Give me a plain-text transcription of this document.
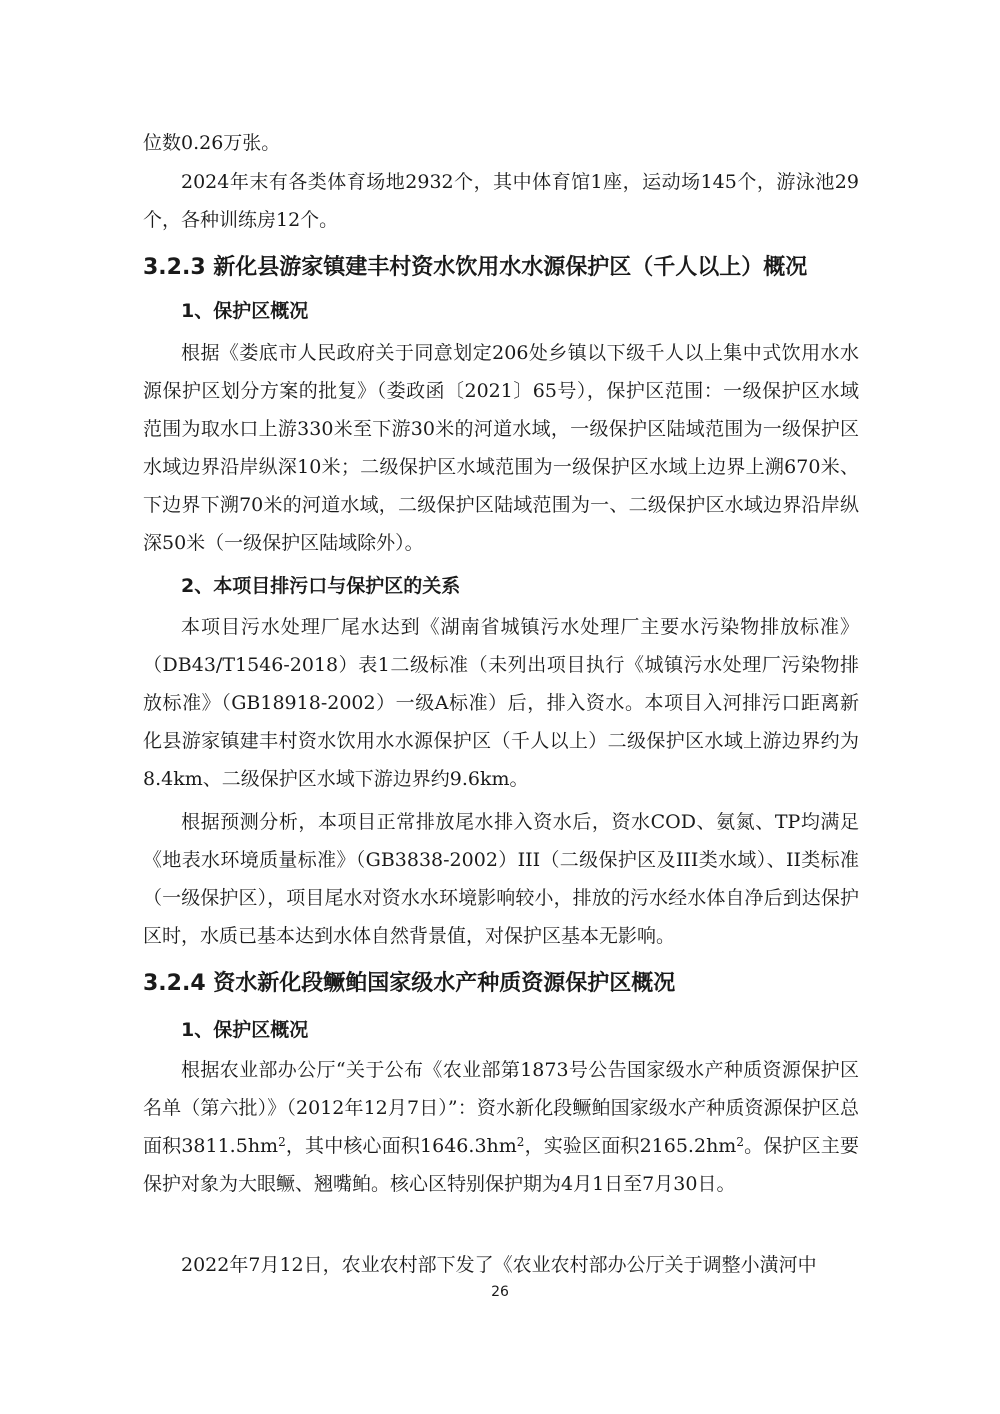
位数0.26万张。

2024年末有各类体育场地2932个，其中体育馆1座，运动场145个，游泳池29个，各种训练房12个。

3.2.3 新化县游家镇建丰村资水饮用水水源保护区（千人以上）概况
1、保护区概况

根据《娄底市人民政府关于同意划定206处乡镇以下级千人以上集中式饮用水水源保护区划分方案的批复》（娄政函〔2021〕65号），保护区范围：一级保护区水域范围为取水口上游330米至下游30米的河道水域，一级保护区陆域范围为一级保护区水域边界沿岸纵深10米；二级保护区水域范围为一级保护区水域上边界上溯670米、下边界下溯70米的河道水域，二级保护区陆域范围为一、二级保护区水域边界沿岸纵深50米（一级保护区陆域除外）。

2、本项目排污口与保护区的关系

本项目污水处理厂尾水达到《湖南省城镇污水处理厂主要水污染物排放标准》（DB43/T1546-2018）表1二级标准（未列出项目执行《城镇污水处理厂污染物排放标准》（GB18918-2002）一级A标准）后，排入资水。本项目入河排污口距离新化县游家镇建丰村资水饮用水水源保护区（千人以上）二级保护区水域上游边界约为8.4km、二级保护区水域下游边界约9.6km。

根据预测分析，本项目正常排放尾水排入资水后，资水COD、氨氮、TP均满足《地表水环境质量标准》（GB3838-2002）III（二级保护区及III类水域）、II类标准（一级保护区），项目尾水对资水水环境影响较小，排放的污水经水体自净后到达保护区时，水质已基本达到水体自然背景值，对保护区基本无影响。

3.2.4 资水新化段鳜鲌国家级水产种质资源保护区概况
1、保护区概况

根据农业部办公厅“关于公布《农业部第1873号公告国家级水产种质资源保护区名单（第六批）》（2012年12月7日）”：资水新化段鳜鲌国家级水产种质资源保护区总面积$3811.5hm^2$，其中核心面积$1646.3hm^2$，实验区面积$2165.2hm^2$。保护区主要保护对象为大眼鳜、翘嘴鲌。核心区特别保护期为4月1日至7月30日。

2022年7月12日，农业农村部下发了《农业农村部办公厅关于调整小潢河中

26
